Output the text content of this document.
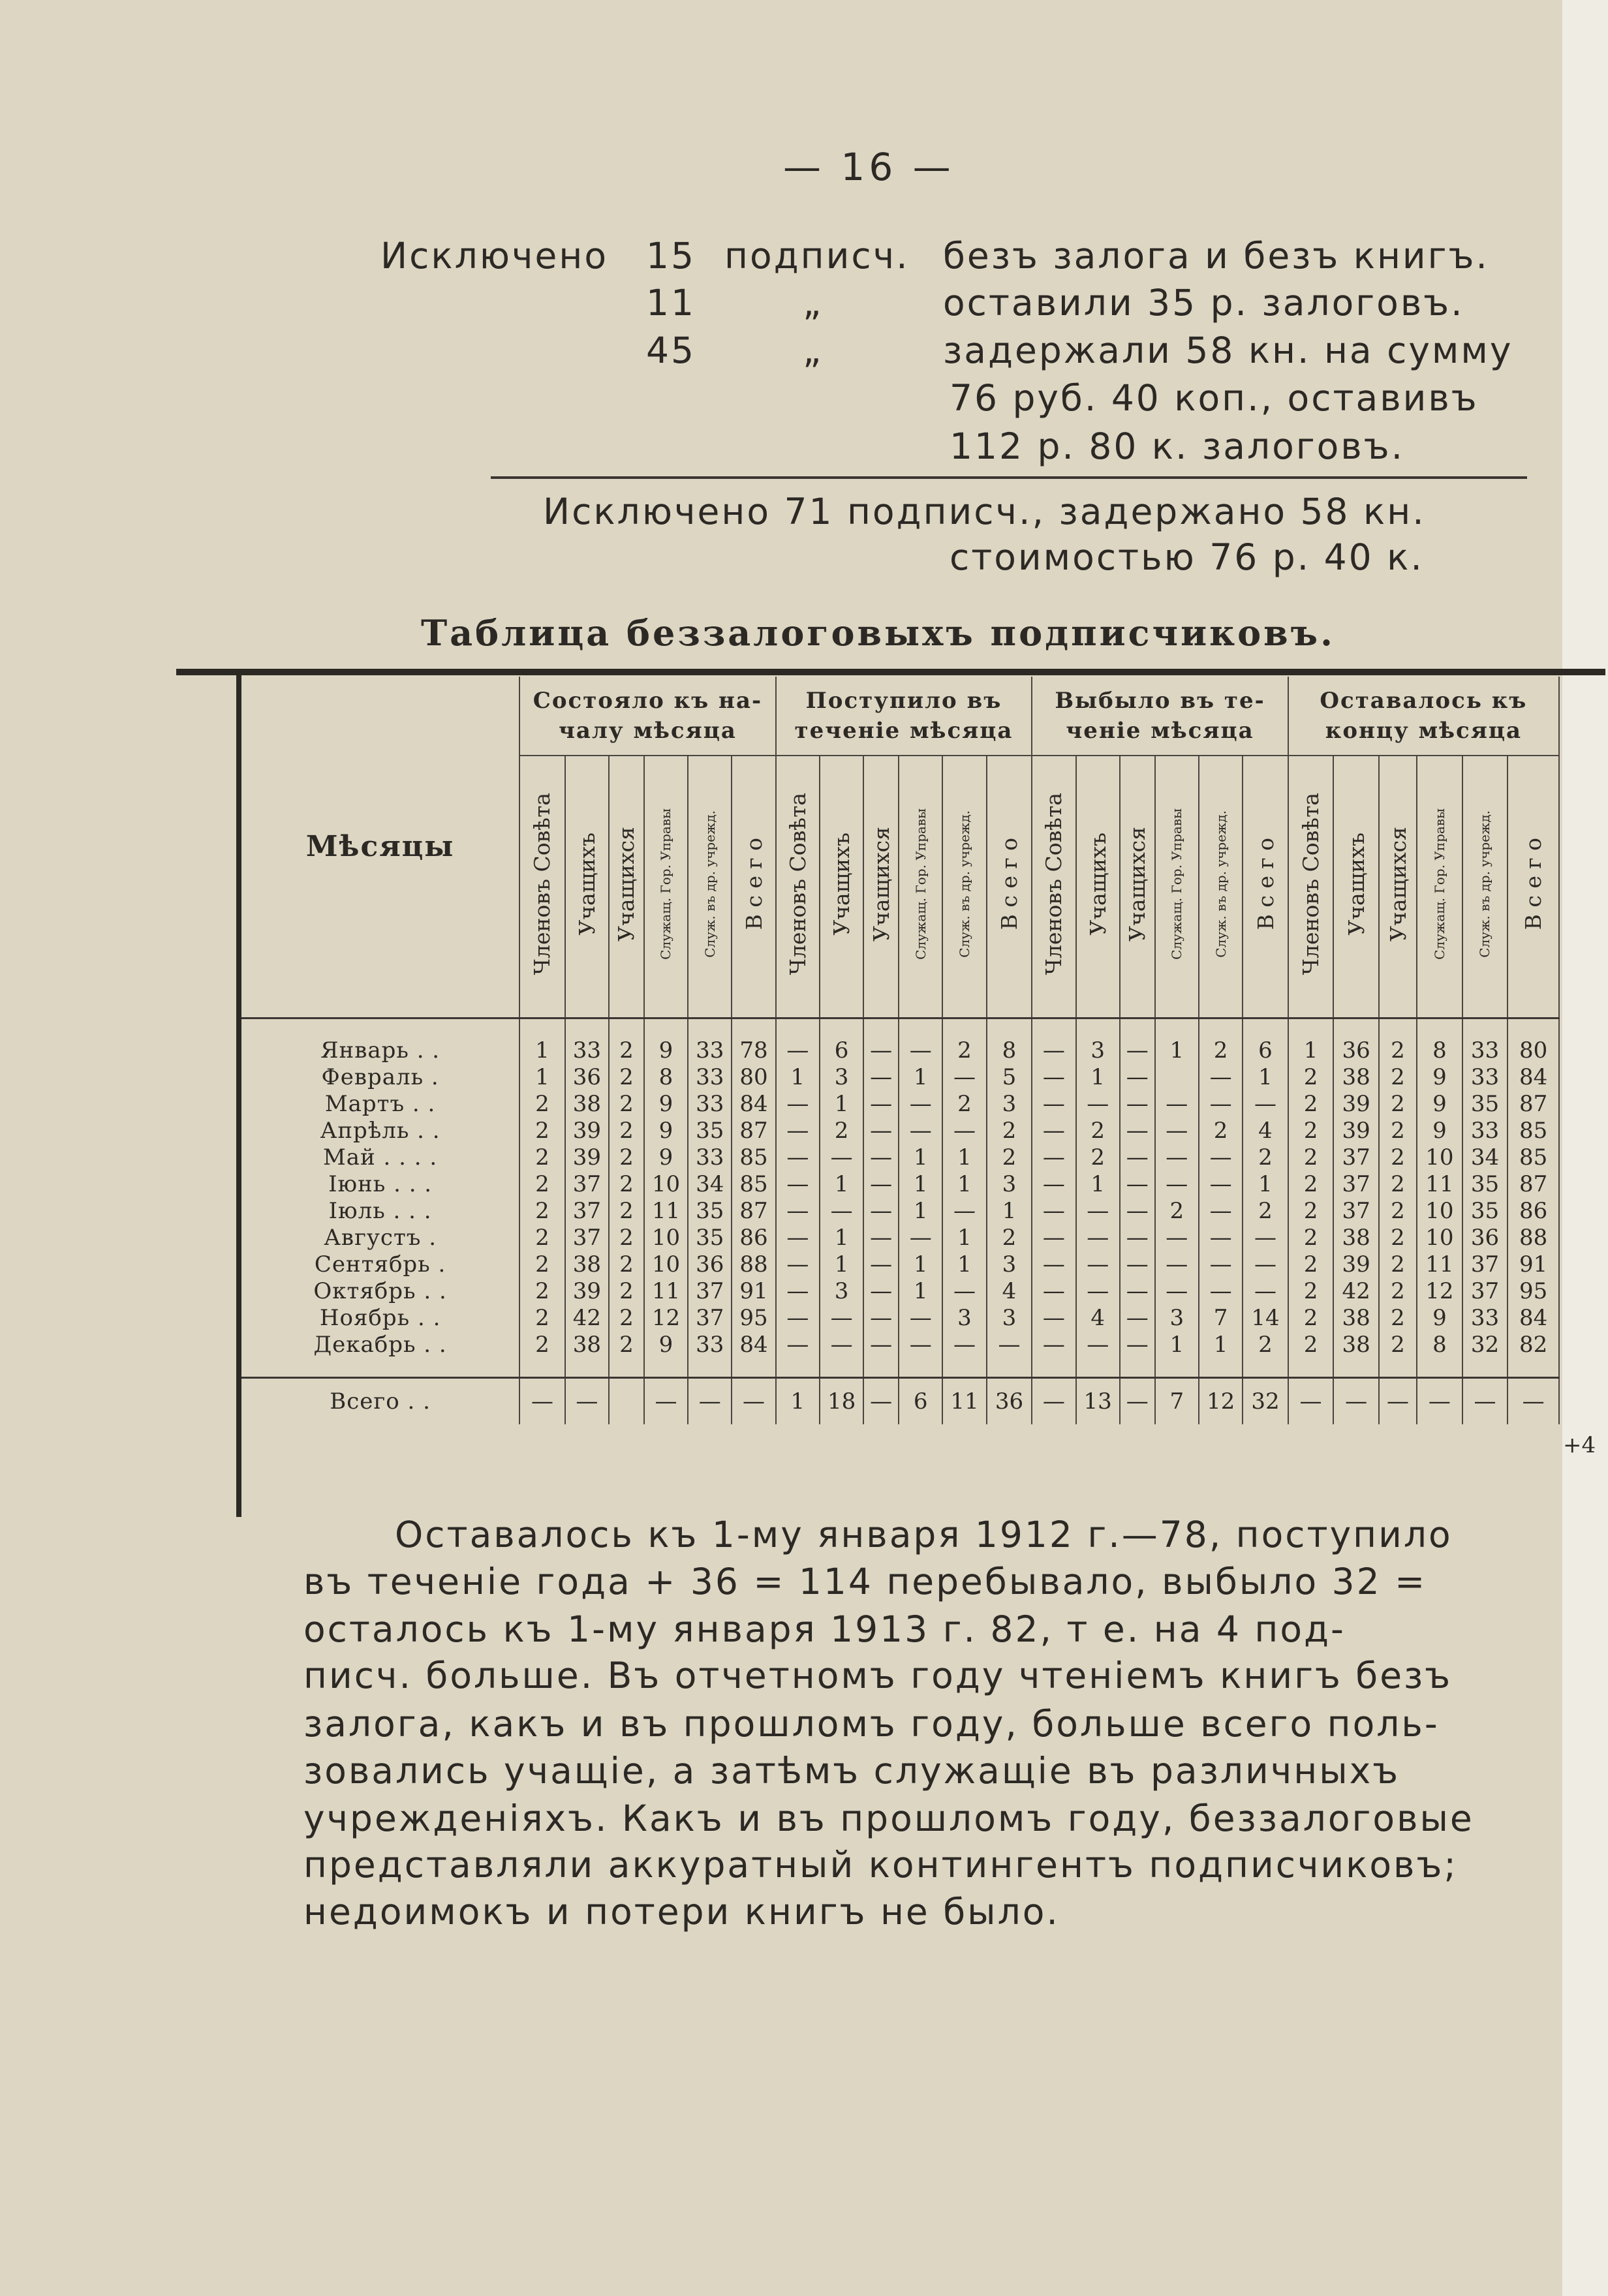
— 16 —
Исключено 15 подписч. безъ залога и безъ книгъ.
11	„	оставили 35 р. залоговъ.
45	„	задержали 58 кн. на сумму
76 руб. 40 коп., оставивъ
112 р. 80 к. залоговъ.
Исключено 71 подписч., задержано 58 кн.
стоимостью 76 р. 40 к.
Таблица беззалоговыхъ подписчиковъ.
Мѣсяцы	Состояло къ на- чалу мѣсяца						Поступило въ теченіе мѣсяца						Выбыло въ те- ченіе мѣсяца						Оставалось къ концу мѣсяца					
	Членовъ Совѣта	Учащихъ	Учащихся	Служащ. Гор. Управы	Служ. въ др. учрежд.	В с е г о	Членовъ Совѣта	Учащихъ	Учащихся	Служащ. Гор. Управы	Служ. въ др. учрежд.	В с е г о	Членовъ Совѣта	Учащихъ	Учащихся	Служащ. Гор. Управы	Служ. въ др. учрежд.	В с е г о	Членовъ Совѣта	Учащихъ	Учащихся	Служащ. Гор. Управы	Служ. въ др. учрежд.	В с е г о

Январь . .	1	33	2	9	33	78	—	6	—	—	2	8	—	3	—	1	2	6	1	36	2	8	33	80
Февраль .	1	36	2	8	33	80	1	3	—	1	—	5	—	1	—		—	1	2	38	2	9	33	84
Мартъ . .	2	38	2	9	33	84	—	1	—	—	2	3	—	—	—	—	—	—	2	39	2	9	35	87
Апрѣль . .	2	39	2	9	35	87	—	2	—	—	—	2	—	2	—	—	2	4	2	39	2	9	33	85
Май . . . .	2	39	2	9	33	85	—	—	—	1	1	2	—	2	—	—	—	2	2	37	2	10	34	85
Іюнь . . .	2	37	2	10	34	85	—	1	—	1	1	3	—	1	—	—	—	1	2	37	2	11	35	87
Іюль . . .	2	37	2	11	35	87	—	—	—	1	—	1	—	—	—	2	—	2	2	37	2	10	35	86
Августъ .	2	37	2	10	35	86	—	1	—	—	1	2	—	—	—	—	—	—	2	38	2	10	36	88
Сентябрь .	2	38	2	10	36	88	—	1	—	1	1	3	—	—	—	—	—	—	2	39	2	11	37	91
Октябрь . .	2	39	2	11	37	91	—	3	—	1	—	4	—	—	—	—	—	—	2	42	2	12	37	95
Ноябрь . .	2	42	2	12	37	95	—	—	—	—	3	3	—	4	—	3	7	14	2	38	2	9	33	84
Декабрь . .	2	38	2	9	33	84	—	—	—	—	—	—	—	—	—	1	1	2	2	38	2	8	32	82

Всего . .	—	—		—	—	—	1	18	—	6	11	36	—	13	—	7	12	32	—	—	—	—	—	—
+4
Оставалось къ 1-му января 1912 г.—78, поступило
въ теченіе года + 36 = 114 перебывало, выбыло 32 =
осталось къ 1-му января 1913 г. 82, т е. на 4 под-
писч. больше. Въ отчетномъ году чтеніемъ книгъ безъ
залога, какъ и въ прошломъ году, больше всего поль-
зовались учащіе, а затѣмъ служащіе въ различныхъ
учрежденіяхъ. Какъ и въ прошломъ году, беззалоговые
представляли аккуратный контингентъ подписчиковъ;
недоимокъ и потери книгъ не было.
